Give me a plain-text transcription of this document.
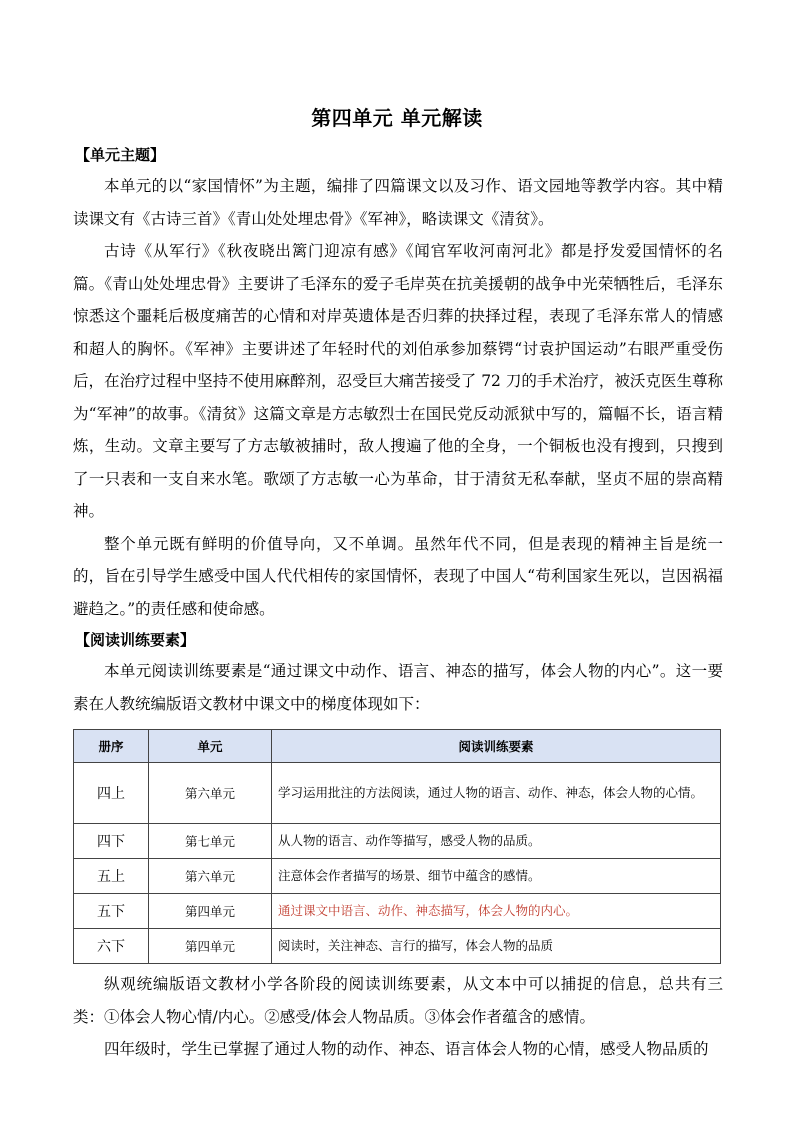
第四单元 单元解读

【单元主题】

本单元的以“家国情怀”为主题，编排了四篇课文以及习作、语文园地等教学内容。其中精读课文有《古诗三首》《青山处处埋忠骨》《军神》，略读课文《清贫》。

古诗《从军行》《秋夜晓出篱门迎凉有感》《闻官军收河南河北》都是抒发爱国情怀的名篇。《青山处处埋忠骨》主要讲了毛泽东的爱子毛岸英在抗美援朝的战争中光荣牺牲后，毛泽东惊悉这个噩耗后极度痛苦的心情和对岸英遗体是否归葬的抉择过程，表现了毛泽东常人的情感和超人的胸怀。《军神》主要讲述了年轻时代的刘伯承参加蔡锷“讨袁护国运动”右眼严重受伤后，在治疗过程中坚持不使用麻醉剂，忍受巨大痛苦接受了 72 刀的手术治疗，被沃克医生尊称为“军神”的故事。《清贫》这篇文章是方志敏烈士在国民党反动派狱中写的，篇幅不长，语言精炼，生动。文章主要写了方志敏被捕时，敌人搜遍了他的全身，一个铜板也没有搜到，只搜到了一只表和一支自来水笔。歌颂了方志敏一心为革命，甘于清贫无私奉献，坚贞不屈的崇高精神。

整个单元既有鲜明的价值导向，又不单调。虽然年代不同，但是表现的精神主旨是统一的，旨在引导学生感受中国人代代相传的家国情怀，表现了中国人“苟利国家生死以，岂因祸福避趋之。”的责任感和使命感。

【阅读训练要素】

本单元阅读训练要素是“通过课文中动作、语言、神态的描写，体会人物的内心”。这一要素在人教统编版语文教材中课文中的梯度体现如下：

册序	单元	阅读训练要素
四上	第六单元	学习运用批注的方法阅读，通过人物的语言、动作、神态，体会人物的心情。
四下	第七单元	从人物的语言、动作等描写，感受人物的品质。
五上	第六单元	注意体会作者描写的场景、细节中蕴含的感情。
五下	第四单元	通过课文中语言、动作、神态描写，体会人物的内心。
六下	第四单元	阅读时，关注神态、言行的描写，体会人物的品质

纵观统编版语文教材小学各阶段的阅读训练要素，从文本中可以捕捉的信息，总共有三类：①体会人物心情/内心。②感受/体会人物品质。③体会作者蕴含的感情。

四年级时，学生已掌握了通过人物的动作、神态、语言体会人物的心情，感受人物品质的
